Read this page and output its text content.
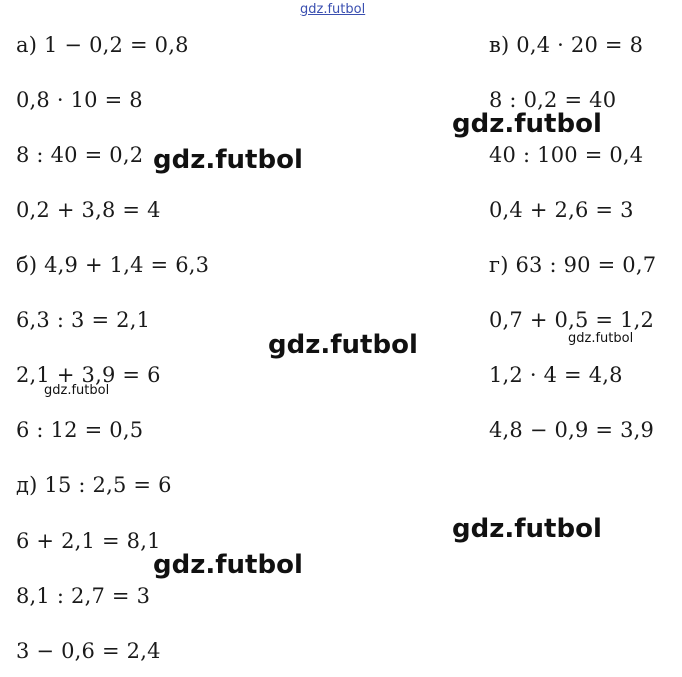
gdz.futbol
а) 1 − 0,2 = 0,8
0,8 · 10 = 8
8 : 40 = 0,2
0,2 + 3,8 = 4
б) 4,9 + 1,4 = 6,3
6,3 : 3 = 2,1
2,1 + 3,9 = 6
6 : 12 = 0,5
д) 15 : 2,5 = 6
6 + 2,1 = 8,1
8,1 : 2,7 = 3
3 − 0,6 = 2,4
в) 0,4 · 20 = 8
8 : 0,2 = 40
40 : 100 = 0,4
0,4 + 2,6 = 3
г) 63 : 90 = 0,7
0,7 + 0,5 = 1,2
1,2 · 4 = 4,8
4,8 − 0,9 = 3,9
gdz.futbol
gdz.futbol
gdz.futbol	gdz.futbol
gdz.futbol
gdz.futbol
gdz.futbol
